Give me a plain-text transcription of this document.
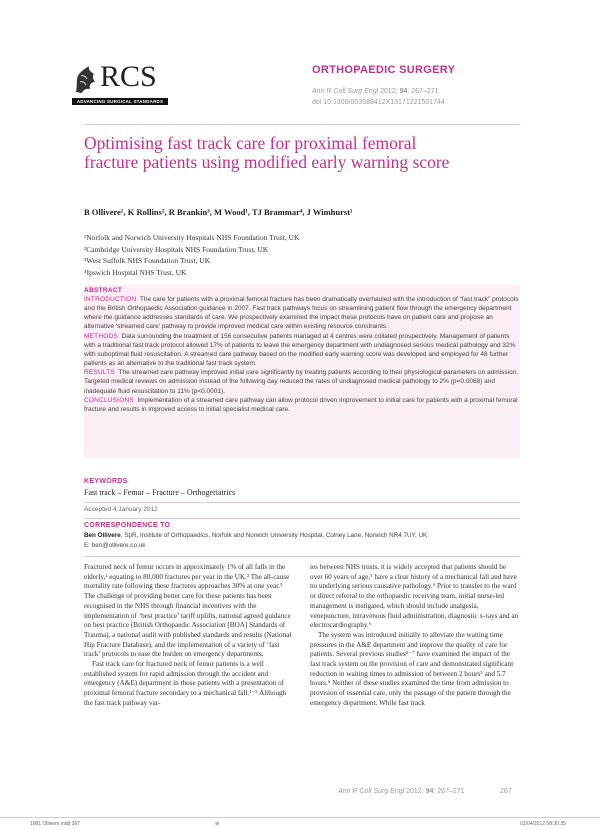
RCS
ADVANCING SURGICAL STANDARDS
ORTHOPAEDIC SURGERY
Ann R Coll Surg Engl 2012; 94: 267–271
doi 10.1308/003588412X13171221501744
Optimising fast track care for proximal femoral fracture patients using modified early warning score
B Ollivere¹, K Rollins², R Brankin³, M Wood¹, TJ Brammar⁴, J Wimhurst¹
¹Norfolk and Norwich University Hospitals NHS Foundation Trust, UK
²Cambridge University Hospitals NHS Foundation Trust, UK
³West Suffolk NHS Foundation Trust, UK
⁴Ipswich Hospital NHS Trust, UK
ABSTRACT
INTRODUCTION The care for patients with a proximal femoral fracture has been dramatically overhauled with the introduction of “fast track” protocols and the British Orthopaedic Association guidance in 2007. Fast track pathways focus on streamlining patient flow through the emergency department where the guidance addresses standards of care. We prospectively examined the impact these protocols have on patient care and propose an alternative ‘streamed care’ pathway to provide improved medical care within existing resource constraints.
METHODS Data surrounding the treatment of 156 consecutive patients managed at 4 centres were collated prospectively. Management of patients with a traditional fast track protocol allowed 17% of patients to leave the emergency department with undiagnosed serious medical pathology and 32% with suboptimal fluid resuscitation. A streamed care pathway based on the modified early warning score was developed and employed for 48 further patients as an alternative to the traditional fast track system.
RESULTS The streamed care pathway improved initial care significantly by treating patients according to their physiological parameters on admission. Targeted medical reviews on admission instead of the following day reduced the rates of undiagnosed medical pathology to 2% (p=0.0068) and inadequate fluid resuscitation to 11% (p<0.0001).
CONCLUSIONS Implementation of a streamed care pathway can allow protocol driven improvement to initial care for patients with a proximal femoral fracture and results in improved access to initial specialist medical care.
KEYWORDS
Fast track – Femur – Fracture – Orthogeriatrics
Accepted 4 January 2012
CORRESPONDENCE TO
Ben Ollivere, SpR, Institute of Orthopaedics, Norfolk and Norwich University Hospital, Colney Lane, Norwich NR4 7UY, UK
E: ben@ollivere.co.uk

Fractured neck of femur occurs in approximately 1% of all falls in the elderly,¹ equating to 80,000 fractures per year in the UK.² The all-cause mortality rate following these fractures approaches 30% at one year.³ The challenge of providing better care for these patients has been recognised in the NHS through financial incentives with the implementation of ‘best practice’ tariff uplifts, national agreed guidance on best practice (British Orthopaedic Association [BOA] Standards of Trauma), a national audit with published standards and results (National Hip Fracture Database), and the implementation of a variety of ‘fast track’ protocols to ease the burden on emergency departments.

Fast track care for fractured neck of femur patients is a well established system for rapid admission through the accident and emergency (A&E) department in those patients with a presentation of proximal femoral fracture secondary to a mechanical fall.¹⁻⁵ Although the fast track pathway var-

ies between NHS trusts, it is widely accepted that patients should be over 60 years of age,⁵ have a clear history of a mechanical fall and have no underlying serious causative pathology.⁶ Prior to transfer to the ward or direct referral to the orthopaedic receiving team, initial nurse-led management is instigated, which should include analgesia, venepuncture, intravenous fluid administration, diagnostic x-rays and an electrocardiography.⁶

The system was introduced initially to alleviate the waiting time pressures in the A&E department and improve the quality of care for patients. Several previous studies⁵⁻⁷ have examined the impact of the fast track system on the provision of care and demonstrated significant reduction in waiting times to admission of between 2 hours⁵ and 5.7 hours.⁶ Neither of these studies examined the time from admission to provision of essential care, only the passage of the patient through the emergency department. While fast track

Ann R Coll Surg Engl 2012; 94: 267–271	267
1981 Ollivere.indd 267	⊕	02/04/2012 08:30:35
